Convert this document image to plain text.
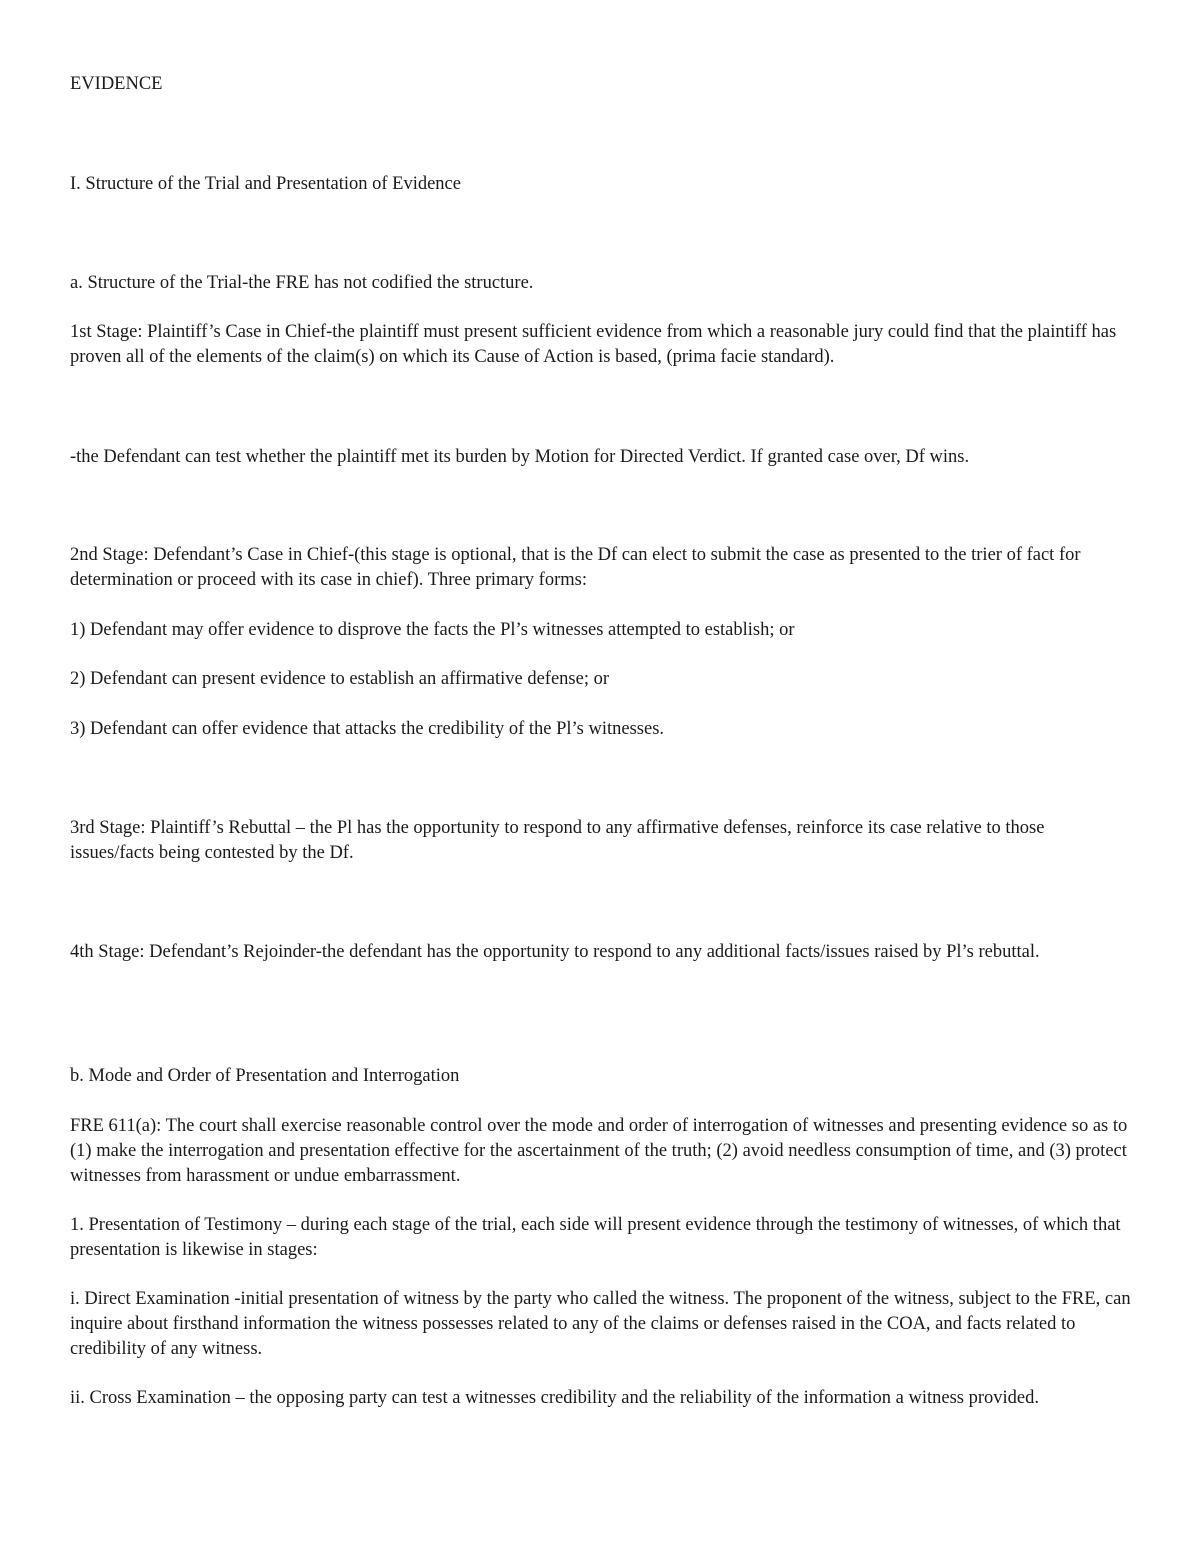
EVIDENCE

I. Structure of the Trial and Presentation of Evidence

a. Structure of the Trial-the FRE has not codified the structure.

1st Stage: Plaintiff’s Case in Chief-the plaintiff must present sufficient evidence from which a reasonable jury could find that the plaintiff has proven all of the elements of the claim(s) on which its Cause of Action is based, (prima facie standard).

-the Defendant can test whether the plaintiff met its burden by Motion for Directed Verdict. If granted case over, Df wins.

2nd Stage: Defendant’s Case in Chief-(this stage is optional, that is the Df can elect to submit the case as presented to the trier of fact for determination or proceed with its case in chief). Three primary forms:

1) Defendant may offer evidence to disprove the facts the Pl’s witnesses attempted to establish; or

2) Defendant can present evidence to establish an affirmative defense; or

3) Defendant can offer evidence that attacks the credibility of the Pl’s witnesses.

3rd Stage: Plaintiff’s Rebuttal – the Pl has the opportunity to respond to any affirmative defenses, reinforce its case relative to those issues/facts being contested by the Df.

4th Stage: Defendant’s Rejoinder-the defendant has the opportunity to respond to any additional facts/issues raised by Pl’s rebuttal.

b. Mode and Order of Presentation and Interrogation

FRE 611(a): The court shall exercise reasonable control over the mode and order of interrogation of witnesses and presenting evidence so as to (1) make the interrogation and presentation effective for the ascertainment of the truth; (2) avoid needless consumption of time, and (3) protect witnesses from harassment or undue embarrassment.

1. Presentation of Testimony – during each stage of the trial, each side will present evidence through the testimony of witnesses, of which that presentation is likewise in stages:

i. Direct Examination -initial presentation of witness by the party who called the witness. The proponent of the witness, subject to the FRE, can inquire about firsthand information the witness possesses related to any of the claims or defenses raised in the COA, and facts related to credibility of any witness.

ii. Cross Examination – the opposing party can test a witnesses credibility and the reliability of the information a witness provided.
